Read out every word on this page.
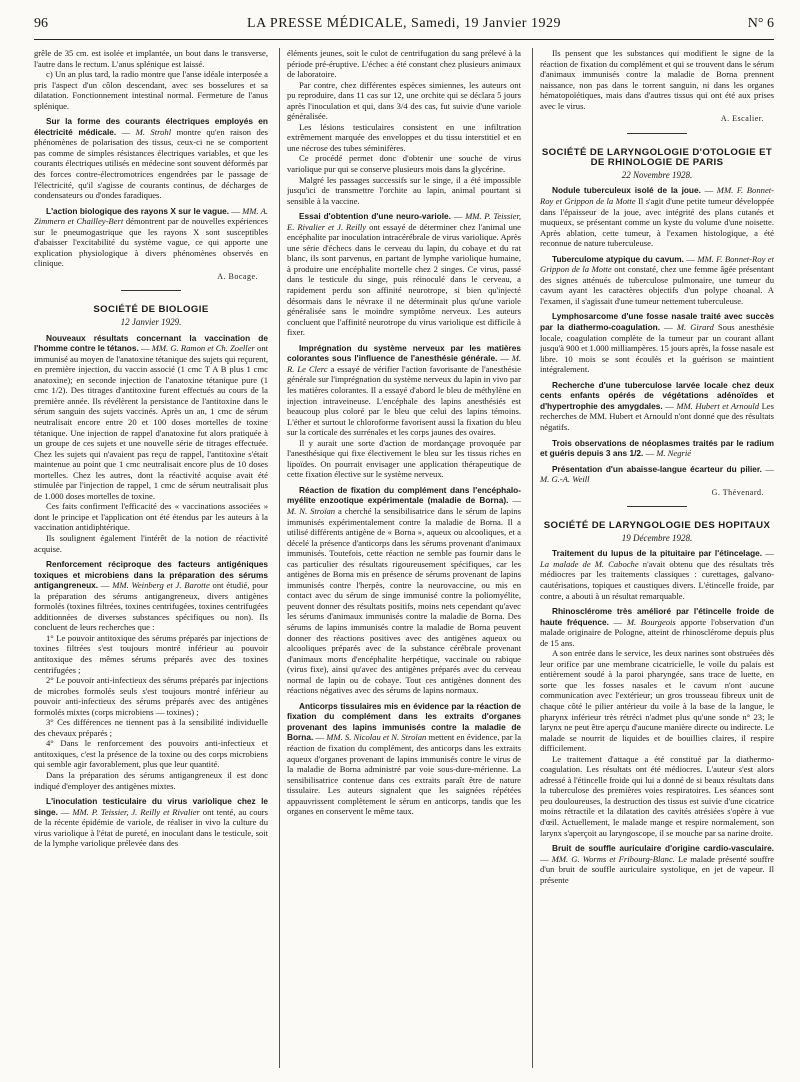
96	LA PRESSE MÉDICALE, Samedi, 19 Janvier 1929	N° 6

grêle de 35 cm. est isolée et implantée, un bout dans le transverse, l'autre dans le rectum. L'anus splénique est laissé.

c) Un an plus tard, la radio montre que l'anse idéale interposée a pris l'aspect d'un côlon descendant, avec ses bosselures et sa dilatation. Fonctionnement intestinal normal. Fermeture de l'anus splénique.

Sur la forme des courants électriques employés en électricité médicale. — M. Strohl montre qu'en raison des phénomènes de polarisation des tissus, ceux-ci ne se comportent pas comme de simples résistances électriques variables, et que les courants électriques utilisés en médecine sont souvent déformés par des forces contre-électromotrices engendrées par le passage de l'électricité, qu'il s'agisse de courants continus, de décharges de condensateurs ou d'ondes faradiques.

L'action biologique des rayons X sur le vague. — MM. A. Zimmern et Chailley-Bert démontrent par de nouvelles expériences sur le pneumogastrique que les rayons X sont susceptibles d'abaisser l'excitabilité du système vague, ce qui apporte une explication physiologique à divers phénomènes observés en clinique.

A. Bocage.
SOCIÉTÉ DE BIOLOGIE
12 Janvier 1929.

Nouveaux résultats concernant la vaccination de l'homme contre le tétanos. — MM. G. Ramon et Ch. Zoeller ont immunisé au moyen de l'anatoxine tétanique des sujets qui reçurent, en première injection, du vaccin associé (1 cmc T A B plus 1 cmc anatoxine); en seconde injection de l'anatoxine tétanique pure (1 cmc 1/2). Des titrages d'antitoxine furent effectués au cours de la première année. Ils révélèrent la persistance de l'antitoxine dans le sérum sanguin des sujets vaccinés. Après un an, 1 cmc de sérum neutralisait encore entre 20 et 100 doses mortelles de toxine tétanique. Une injection de rappel d'anatoxine fut alors pratiquée à un groupe de ces sujets et une nouvelle série de titrages effectuée. Chez les sujets qui n'avaient pas reçu de rappel, l'antitoxine s'était maintenue au point que 1 cmc neutralisait encore plus de 10 doses mortelles. Chez les autres, dont la réactivité acquise avait été stimulée par l'injection de rappel, 1 cmc de sérum neutralisait plus de 1.000 doses mortelles de toxine.

Ces faits confirment l'efficacité des « vaccinations associées » dont le principe et l'application ont été étendus par les auteurs à la vaccination antidiphtérique.

Ils soulignent également l'intérêt de la notion de réactivité acquise.

Renforcement réciproque des facteurs antigéniques toxiques et microbiens dans la préparation des sérums antigangreneux. — MM. Weinberg et J. Barotte ont étudié, pour la préparation des sérums antigangreneux, divers antigènes formolés (toxines filtrées, toxines centrifugées, toxines centrifugées additionnées de diverses substances spécifiques ou non). Ils concluent de leurs recherches que :

1° Le pouvoir antitoxique des sérums préparés par injections de toxines filtrées s'est toujours montré inférieur au pouvoir antitoxique des mêmes sérums préparés avec des toxines centrifugées ;

2° Le pouvoir anti-infectieux des sérums préparés par injections de microbes formolés seuls s'est toujours montré inférieur au pouvoir anti-infectieux des sérums préparés avec des antigènes formolés mixtes (corps microbiens — toxines) ;

3° Ces différences ne tiennent pas à la sensibilité individuelle des chevaux préparés ;

4° Dans le renforcement des pouvoirs anti-infectieux et antitoxiques, c'est la présence de la toxine ou des corps microbiens qui semble agir favorablement, plus que leur quantité.

Dans la préparation des sérums antigangreneux il est donc indiqué d'employer des antigènes mixtes.

L'inoculation testiculaire du virus variolique chez le singe. — MM. P. Teissier, J. Reilly et Rivalier ont tenté, au cours de la récente épidémie de variole, de réaliser in vivo la culture du virus variolique à l'état de pureté, en inoculant dans le testicule, soit de la lymphe variolique prélevée dans des

éléments jeunes, soit le culot de centrifugation du sang prélevé à la période pré-éruptive. L'échec a été constant chez plusieurs animaux de laboratoire.

Par contre, chez différentes espèces simiennes, les auteurs ont pu reproduire, dans 11 cas sur 12, une orchite qui se déclara 5 jours après l'inoculation et qui, dans 3/4 des cas, fut suivie d'une variole généralisée.

Les lésions testiculaires consistent en une infiltration extrêmement marquée des enveloppes et du tissu interstitiel et en une nécrose des tubes séminifères.

Ce procédé permet donc d'obtenir une souche de virus variolique pur qui se conserve plusieurs mois dans la glycérine.

Malgré les passages successifs sur le singe, il a été impossible jusqu'ici de transmettre l'orchite au lapin, animal pourtant si sensible à la vaccine.

Essai d'obtention d'une neuro-variole. — MM. P. Teissier, E. Rivalier et J. Reilly ont essayé de déterminer chez l'animal une encéphalite par inoculation intracérébrale de virus variolique. Après une série d'échecs dans le cerveau du lapin, du cobaye et du rat blanc, ils sont parvenus, en partant de lymphe variolique humaine, à produire une encéphalite mortelle chez 2 singes. Ce virus, passé dans le testicule du singe, puis réinoculé dans le cerveau, a rapidement perdu son affinité neurotrope, si bien qu'injecté désormais dans le névraxe il ne déterminait plus qu'une variole généralisée sans le moindre symptôme nerveux. Les auteurs concluent que l'affinité neurotrope du virus variolique est difficile à fixer.

Imprégnation du système nerveux par les matières colorantes sous l'influence de l'anesthésie générale. — M. R. Le Clerc a essayé de vérifier l'action favorisante de l'anesthésie générale sur l'imprégnation du système nerveux du lapin in vivo par les matières colorantes. Il a essayé d'abord le bleu de méthylène en injection intraveineuse. L'encéphale des lapins anesthésiés est beaucoup plus coloré par le bleu que celui des lapins témoins. L'éther et surtout le chloroforme favorisent aussi la fixation du bleu sur la corticale des surrénales et les corps jaunes des ovaires.

Il y aurait une sorte d'action de mordançage provoquée par l'anesthésique qui fixe électivement le bleu sur les tissus riches en lipoïdes. On pourrait envisager une application thérapeutique de cette fixation élective sur le système nerveux.

Réaction de fixation du complément dans l'encéphalo-myélite enzootique expérimentale (maladie de Borna). — M. N. Stroïan a cherché la sensibilisatrice dans le sérum de lapins immunisés expérimentalement contre la maladie de Borna. Il a utilisé différents antigène de « Borna », aqueux ou alcooliques, et a décelé la présence d'anticorps dans les sérums provenant d'animaux immunisés. Toutefois, cette réaction ne semble pas fournir dans le cas particulier des résultats rigoureusement spécifiques, car les antigènes de Borna mis en présence de sérums provenant de lapins immunisés contre l'herpès, contre la neurovaccine, ou mis en contact avec du sérum de singe immunisé contre la poliomyélite, peuvent donner des résultats positifs, moins nets cependant qu'avec les sérums d'animaux immunisés contre la maladie de Borna. Des sérums de lapins immunisés contre la maladie de Borna peuvent donner des réactions positives avec des antigènes aqueux ou alcooliques préparés avec de la substance cérébrale provenant d'animaux morts d'encéphalite herpétique, vaccinale ou rabique (virus fixe), ainsi qu'avec des antigènes préparés avec du cerveau normal de lapin ou de cobaye. Tout ces antigènes donnent des réactions négatives avec des sérums de lapins normaux.

Anticorps tissulaires mis en évidence par la réaction de fixation du complément dans les extraits d'organes provenant des lapins immunisés contre la maladie de Borna. — MM. S. Nicolau et N. Stroïan mettent en évidence, par la réaction de fixation du complément, des anticorps dans les extraits aqueux d'organes provenant de lapins immunisés contre le virus de la maladie de Borna administré par voie sous-dure-mérienne. La sensibilisatrice contenue dans ces extraits paraît être de nature tissulaire. Les auteurs signalent que les saignées répétées appauvrissent complètement le sérum en anticorps, tandis que les organes en conservent le même taux.

Ils pensent que les substances qui modifient le signe de la réaction de fixation du complément et qui se trouvent dans le sérum d'animaux immunisés contre la maladie de Borna prennent naissance, non pas dans le torrent sanguin, ni dans les organes hématopoïétiques, mais dans d'autres tissus qui ont été aux prises avec le virus.

A. Escalier.
SOCIÉTÉ DE LARYNGOLOGIE D'OTOLOGIE ET DE RHINOLOGIE DE PARIS
22 Novembre 1928.

Nodule tuberculeux isolé de la joue. — MM. F. Bonnet-Roy et Grippon de la Motte Il s'agit d'une petite tumeur développée dans l'épaisseur de la joue, avec intégrité des plans cutanés et muqueux, se présentant comme un kyste du volume d'une noisette. Après ablation, cette tumeur, à l'examen histologique, a été reconnue de nature tuberculeuse.

Tuberculome atypique du cavum. — MM. F. Bonnet-Roy et Grippon de la Motte ont constaté, chez une femme âgée présentant des signes atténués de tuberculose pulmonaire, une tumeur du cavum ayant les caractères objectifs d'un polype choanal. A l'examen, il s'agissait d'une tumeur nettement tuberculeuse.

Lymphosarcome d'une fosse nasale traité avec succès par la diathermo-coagulation. — M. Girard Sous anesthésie locale, coagulation complète de la tumeur par un courant allant jusqu'à 900 et 1.000 milliampères. 15 jours après, la fosse nasale est libre. 10 mois se sont écoulés et la guérison se maintient intégralement.

Recherche d'une tuberculose larvée locale chez deux cents enfants opérés de végétations adénoïdes et d'hypertrophie des amygdales. — MM. Hubert et Arnould Les recherches de MM. Hubert et Arnould n'ont donné que des résultats négatifs.

Trois observations de néoplasmes traités par le radium et guéris depuis 3 ans 1/2. — M. Negrié

Présentation d'un abaisse-langue écarteur du pilier. — M. G.-A. Weill

G. Thévenard.
SOCIÉTÉ DE LARYNGOLOGIE DES HOPITAUX
19 Décembre 1928.

Traitement du lupus de la pituitaire par l'étincelage. — La malade de M. Caboche n'avait obtenu que des résultats très médiocres par les traitements classiques : curettages, galvano-cautérisations, topiques et caustiques divers. L'étincelle froide, par contre, a abouti à un résultat remarquable.

Rhinosclérome très amélioré par l'étincelle froide de haute fréquence. — M. Bourgeois apporte l'observation d'un malade originaire de Pologne, atteint de rhinosclérome depuis plus de 15 ans.

A son entrée dans le service, les deux narines sont obstruées dès leur orifice par une membrane cicatricielle, le voile du palais est entièrement soudé à la paroi pharyngée, sans trace de luette, en sorte que les fosses nasales et le cavum n'ont aucune communication avec l'extérieur; un gros trousseau fibreux unit de chaque côté le pilier antérieur du voile à la base de la langue, le pharynx inférieur très rétréci n'admet plus qu'une sonde n° 23; le larynx ne peut être aperçu d'aucune manière directe ou indirecte. Le malade se nourrit de liquides et de bouillies claires, il respire difficilement.

Le traitement d'attaque a été constitué par la diathermo-coagulation. Les résultats ont été médiocres. L'auteur s'est alors adressé à l'étincelle froide qui lui a donné de si beaux résultats dans la tuberculose des premières voies respiratoires. Les séances sont peu douloureuses, la destruction des tissus est suivie d'une cicatrice moins rétractile et la dilatation des cavités atrésiées s'opère à vue d'œil. Actuellement, le malade mange et respire normalement, son larynx s'aperçoit au laryngoscope, il se mouche par sa narine droite.

Bruit de souffle auriculaire d'origine cardio-vasculaire. — MM. G. Worms et Fribourg-Blanc. Le malade présenté souffre d'un bruit de souffle auriculaire systolique, en jet de vapeur. Il présente
